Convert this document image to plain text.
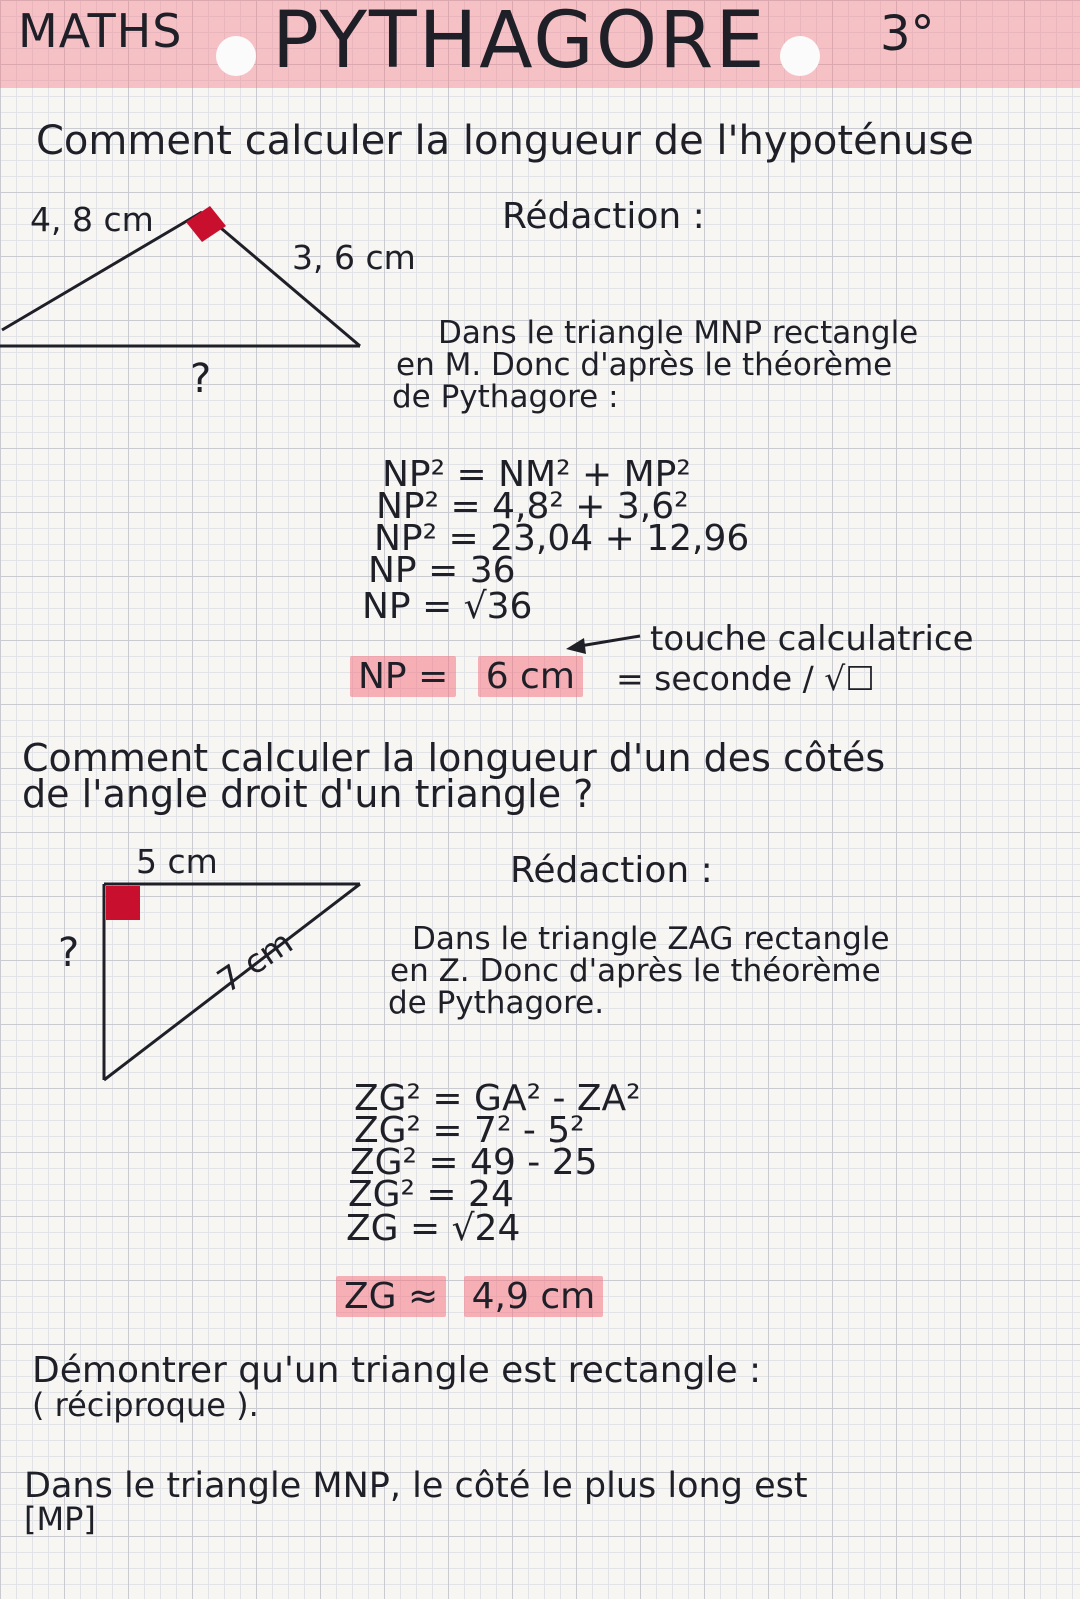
MATHS PYTHAGORE 3°
Comment calculer la longueur de l'hypoténuse
4, 8 cm
3, 6 cm
?
Rédaction :
Dans le triangle MNP rectangle
en M. Donc d'après le théorème
de Pythagore :
NP² = NM² + MP²
NP² = 4,8² + 3,6²
NP² = 23,04 + 12,96
NP = 36
NP = √36
touche calculatrice
NP = 6 cm = seconde / √☐
Comment calculer la longueur d'un des côtés
de l'angle droit d'un triangle ?
5 cm
?	7 cm
Rédaction :
Dans le triangle ZAG rectangle
en Z. Donc d'après le théorème
de Pythagore.
ZG² = GA² - ZA²
ZG² = 7² - 5²
ZG² = 49 - 25
ZG² = 24
ZG = √24
ZG ≈ 4,9 cm
Démontrer qu'un triangle est rectangle :
( réciproque ).
Dans le triangle MNP, le côté le plus long est
[MP]
